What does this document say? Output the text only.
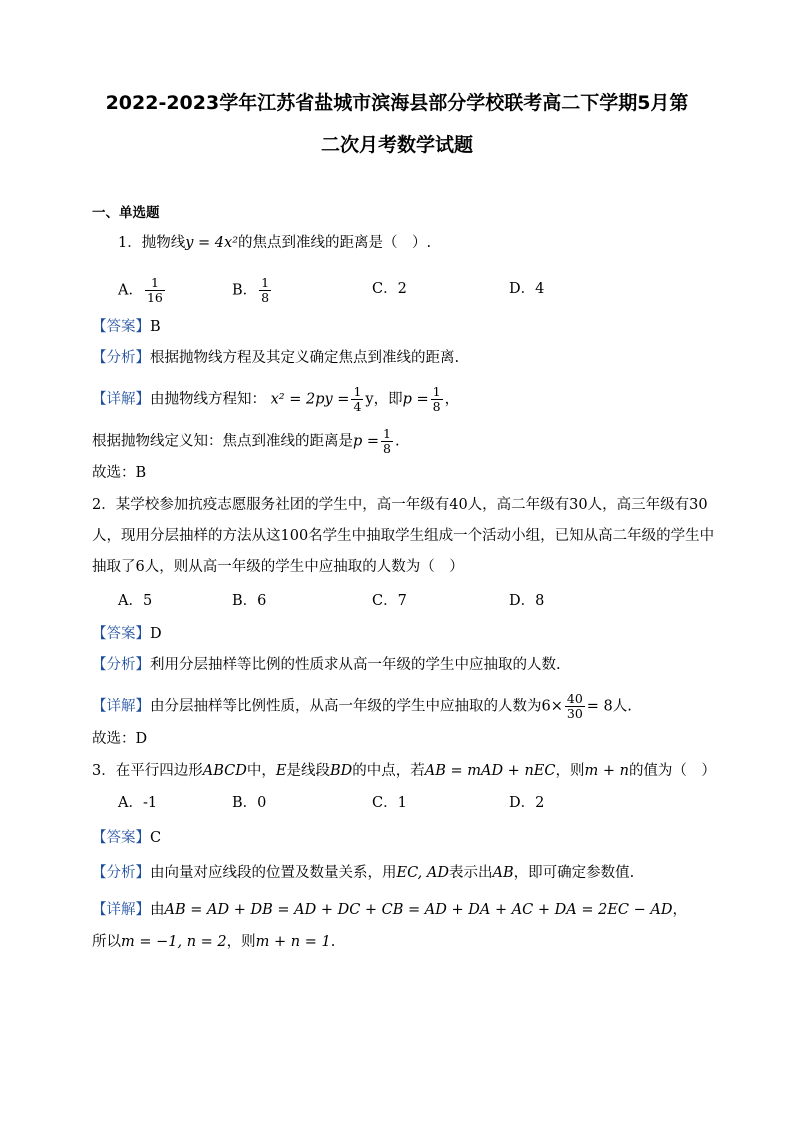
2022-2023学年江苏省盐城市滨海县部分学校联考高二下学期5月第
二次月考数学试题
一、单选题
1．抛物线y = 4x²的焦点到准线的距离是（　）.
A． $\frac{1}{16}$	B． $\frac{1}{8}$	C．2	D．4
【答案】B
【分析】根据抛物线方程及其定义确定焦点到准线的距离.
【详解】由抛物线方程知： $x^2 = 2py = \frac{1}{4}$ y，即$p = \frac{1}{8}$ ，
根据抛物线定义知：焦点到准线的距离是$p = \frac{1}{8}$ .
故选：B
2．某学校参加抗疫志愿服务社团的学生中，高一年级有40人，高二年级有30人，高三年级有30
人，现用分层抽样的方法从这100名学生中抽取学生组成一个活动小组，已知从高二年级的学生中
抽取了6人，则从高一年级的学生中应抽取的人数为（　）
A．5	B．6	C．7	D．8
【答案】D
【分析】利用分层抽样等比例的性质求从高一年级的学生中应抽取的人数.
【详解】由分层抽样等比例性质，从高一年级的学生中应抽取的人数为$6\times \frac{40}{30} = 8$人.
故选：D
3．在平行四边形ABCD中，E是线段BD的中点，若AB = mAD + nEC，则m + n的值为（　）
A．-1	B．0	C．1	D．2
【答案】C
【分析】由向量对应线段的位置及数量关系，用EC, AD表示出AB，即可确定参数值.
【详解】由AB = AD + DB = AD + DC + CB = AD + DA + AC + DA = 2EC − AD，
所以m = −1, n = 2，则m + n = 1.
